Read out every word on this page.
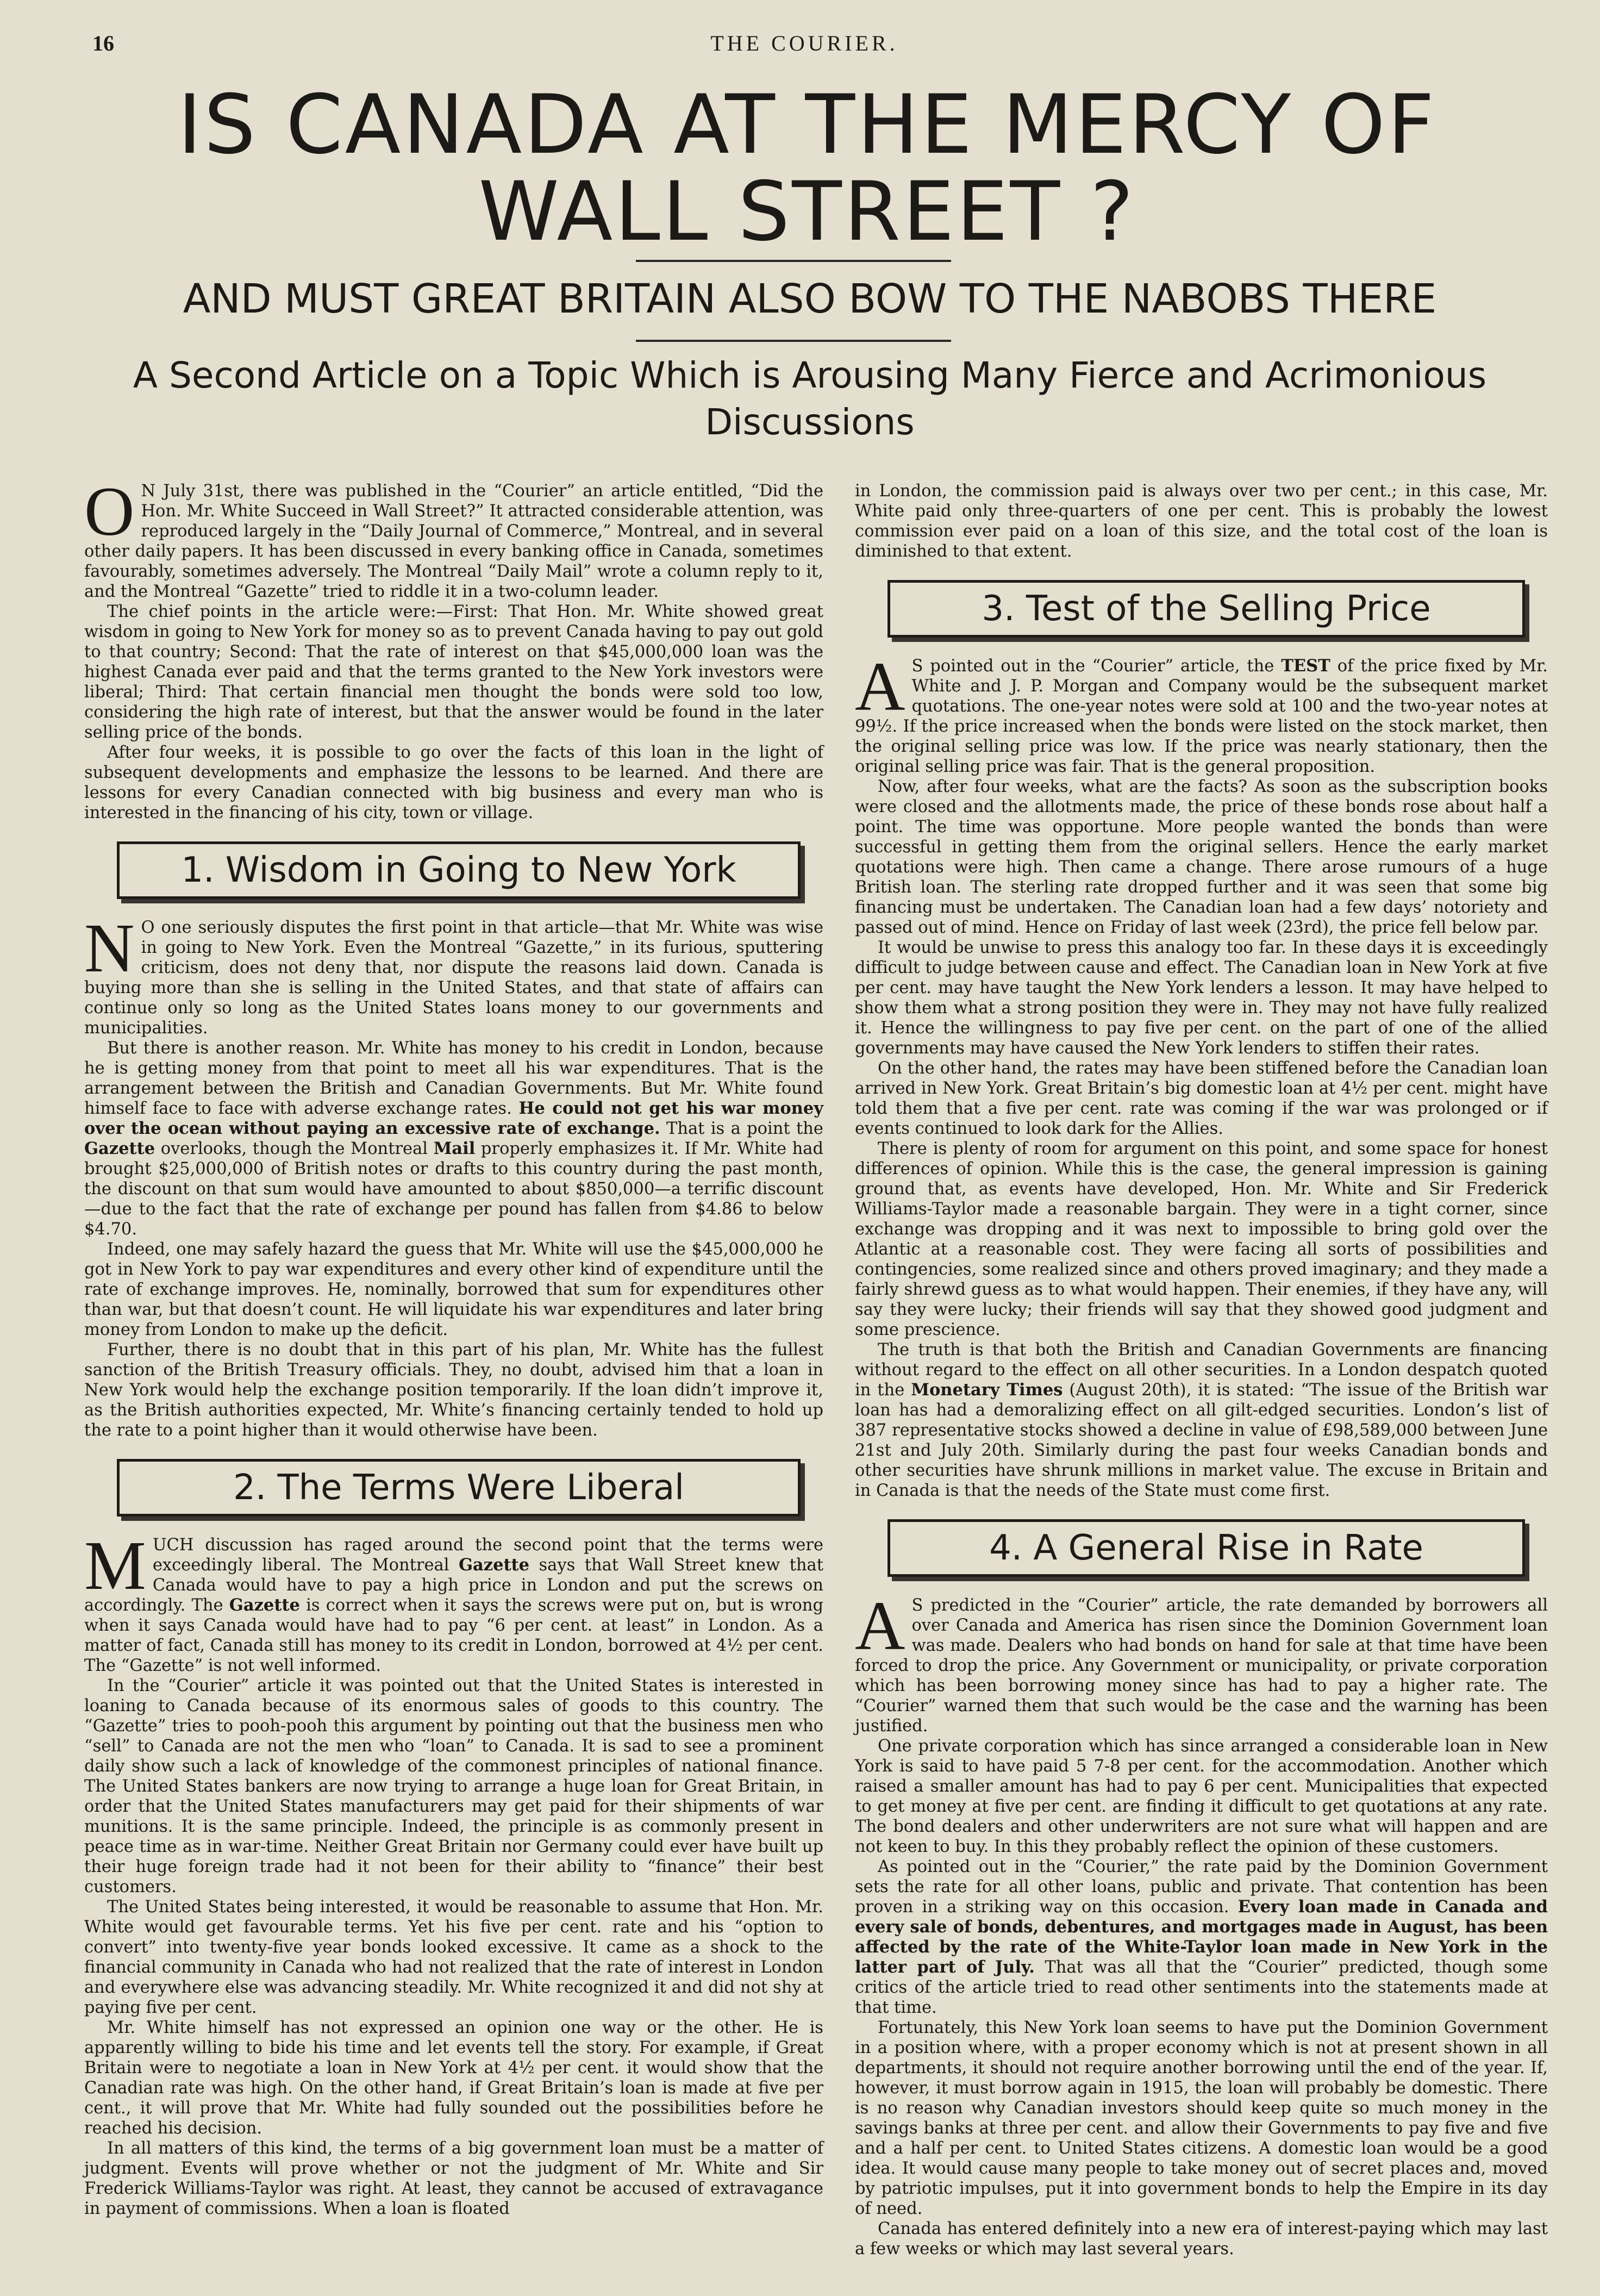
16	THE COURIER.
IS CANADA AT THE MERCY OF
WALL STREET ?
AND MUST GREAT BRITAIN ALSO BOW TO THE NABOBS THERE
A Second Article on a Topic Which is Arousing Many Fierce and Acrimonious Discussions

O N July 31st, there was published in the “Courier” an article entitled, “Did the Hon. Mr. White Succeed in Wall Street?” It attracted considerable attention, was reproduced largely in the “Daily Journal of Commerce,” Montreal, and in several other daily papers. It has been discussed in every banking office in Canada, sometimes favourably, sometimes adversely. The Montreal “Daily Mail” wrote a column reply to it, and the Montreal “Gazette” tried to riddle it in a two-column leader.

The chief points in the article were:—First: That Hon. Mr. White showed great wisdom in going to New York for money so as to prevent Canada having to pay out gold to that country; Second: That the rate of interest on that $45,000,000 loan was the highest Canada ever paid and that the terms granted to the New York investors were liberal; Third: That certain financial men thought the bonds were sold too low, considering the high rate of interest, but that the answer would be found in the later selling price of the bonds.

After four weeks, it is possible to go over the facts of this loan in the light of subsequent developments and emphasize the lessons to be learned. And there are lessons for every Canadian connected with big business and every man who is interested in the financing of his city, town or village.

1. Wisdom in Going to New York

N O one seriously disputes the first point in that article—that Mr. White was wise in going to New York. Even the Montreal “Gazette,” in its furious, sputtering criticism, does not deny that, nor dispute the reasons laid down. Canada is buying more than she is selling in the United States, and that state of affairs can continue only so long as the United States loans money to our governments and municipalities.

But there is another reason. Mr. White has money to his credit in London, because he is getting money from that point to meet all his war expenditures. That is the arrangement between the British and Canadian Governments. But Mr. White found himself face to face with adverse exchange rates. He could not get his war money over the ocean without paying an excessive rate of exchange. That is a point the Gazette overlooks, though the Montreal Mail properly emphasizes it. If Mr. White had brought $25,000,000 of British notes or drafts to this country during the past month, the discount on that sum would have amounted to about $850,000—a terrific discount—due to the fact that the rate of exchange per pound has fallen from $4.86 to below $4.70.

Indeed, one may safely hazard the guess that Mr. White will use the $45,000,000 he got in New York to pay war expenditures and every other kind of expenditure until the rate of exchange improves. He, nominally, borrowed that sum for expenditures other than war, but that doesn’t count. He will liquidate his war expenditures and later bring money from London to make up the deficit.

Further, there is no doubt that in this part of his plan, Mr. White has the fullest sanction of the British Treasury officials. They, no doubt, advised him that a loan in New York would help the exchange position temporarily. If the loan didn’t improve it, as the British authorities expected, Mr. White’s financing certainly tended to hold up the rate to a point higher than it would otherwise have been.

2. The Terms Were Liberal

MUCH discussion has raged around the second point that the terms were exceedingly liberal. The Montreal Gazette says that Wall Street knew that Canada would have to pay a high price in London and put the screws on accordingly. The Gazette is correct when it says the screws were put on, but is wrong when it says Canada would have had to pay “6 per cent. at least” in London. As a matter of fact, Canada still has money to its credit in London, borrowed at 4½ per cent. The “Gazette” is not well informed.

In the “Courier” article it was pointed out that the United States is interested in loaning to Canada because of its enormous sales of goods to this country. The “Gazette” tries to pooh-pooh this argument by pointing out that the business men who “sell” to Canada are not the men who “loan” to Canada. It is sad to see a prominent daily show such a lack of knowledge of the commonest principles of national finance. The United States bankers are now trying to arrange a huge loan for Great Britain, in order that the United States manufacturers may get paid for their shipments of war munitions. It is the same principle. Indeed, the principle is as commonly present in peace time as in war-time. Neither Great Britain nor Germany could ever have built up their huge foreign trade had it not been for their ability to “finance” their best customers.

The United States being interested, it would be reasonable to assume that Hon. Mr. White would get favourable terms. Yet his five per cent. rate and his “option to convert” into twenty-five year bonds looked excessive. It came as a shock to the financial community in Canada who had not realized that the rate of interest in London and everywhere else was advancing steadily. Mr. White recognized it and did not shy at paying five per cent.

Mr. White himself has not expressed an opinion one way or the other. He is apparently willing to bide his time and let events tell the story. For example, if Great Britain were to negotiate a loan in New York at 4½ per cent. it would show that the Canadian rate was high. On the other hand, if Great Britain’s loan is made at five per cent., it will prove that Mr. White had fully sounded out the possibilities before he reached his decision.

In all matters of this kind, the terms of a big government loan must be a matter of judgment. Events will prove whether or not the judgment of Mr. White and Sir Frederick Williams-Taylor was right. At least, they cannot be accused of extravagance in payment of commissions. When a loan is floated

in London, the commission paid is always over two per cent.; in this case, Mr. White paid only three-quarters of one per cent. This is probably the lowest commission ever paid on a loan of this size, and the total cost of the loan is diminished to that extent.

3. Test of the Selling Price

A S pointed out in the “Courier” article, the TEST of the price fixed by Mr. White and J. P. Morgan and Company would be the subsequent market quotations. The one-year notes were sold at 100 and the two-year notes at 99½. If the price increased when the bonds were listed on the stock market, then the original selling price was low. If the price was nearly stationary, then the original selling price was fair. That is the general proposition.

Now, after four weeks, what are the facts? As soon as the subscription books were closed and the allotments made, the price of these bonds rose about half a point. The time was opportune. More people wanted the bonds than were successful in getting them from the original sellers. Hence the early market quotations were high. Then came a change. There arose rumours of a huge British loan. The sterling rate dropped further and it was seen that some big financing must be undertaken. The Canadian loan had a few days’ notoriety and passed out of mind. Hence on Friday of last week (23rd), the price fell below par.

It would be unwise to press this analogy too far. In these days it is exceedingly difficult to judge between cause and effect. The Canadian loan in New York at five per cent. may have taught the New York lenders a lesson. It may have helped to show them what a strong position they were in. They may not have fully realized it. Hence the willingness to pay five per cent. on the part of one of the allied governments may have caused the New York lenders to stiffen their rates.

On the other hand, the rates may have been stiffened before the Canadian loan arrived in New York. Great Britain’s big domestic loan at 4½ per cent. might have told them that a five per cent. rate was coming if the war was prolonged or if events continued to look dark for the Allies.

There is plenty of room for argument on this point, and some space for honest differences of opinion. While this is the case, the general impression is gaining ground that, as events have developed, Hon. Mr. White and Sir Frederick Williams-Taylor made a reasonable bargain. They were in a tight corner, since exchange was dropping and it was next to impossible to bring gold over the Atlantic at a reasonable cost. They were facing all sorts of possibilities and contingencies, some realized since and others proved imaginary; and they made a fairly shrewd guess as to what would happen. Their enemies, if they have any, will say they were lucky; their friends will say that they showed good judgment and some prescience.

The truth is that both the British and Canadian Governments are financing without regard to the effect on all other securities. In a London despatch quoted in the Monetary Times (August 20th), it is stated: “The issue of the British war loan has had a demoralizing effect on all gilt-edged securities. London’s list of 387 representative stocks showed a decline in value of £98,589,000 between June 21st and July 20th. Similarly during the past four weeks Canadian bonds and other securities have shrunk millions in market value. The excuse in Britain and in Canada is that the needs of the State must come first.

4. A General Rise in Rate

A S predicted in the “Courier” article, the rate demanded by borrowers all over Canada and America has risen since the Dominion Government loan was made. Dealers who had bonds on hand for sale at that time have been forced to drop the price. Any Government or municipality, or private corporation which has been borrowing money since has had to pay a higher rate. The “Courier” warned them that such would be the case and the warning has been justified.

One private corporation which has since arranged a considerable loan in New York is said to have paid 5 7-8 per cent. for the accommodation. Another which raised a smaller amount has had to pay 6 per cent. Municipalities that expected to get money at five per cent. are finding it difficult to get quotations at any rate. The bond dealers and other underwriters are not sure what will happen and are not keen to buy. In this they probably reflect the opinion of these customers.

As pointed out in the “Courier,” the rate paid by the Dominion Government sets the rate for all other loans, public and private. That contention has been proven in a striking way on this occasion. Every loan made in Canada and every sale of bonds, debentures, and mortgages made in August, has been affected by the rate of the White-Taylor loan made in New York in the latter part of July. That was all that the “Courier” predicted, though some critics of the article tried to read other sentiments into the statements made at that time.

Fortunately, this New York loan seems to have put the Dominion Government in a position where, with a proper economy which is not at present shown in all departments, it should not require another borrowing until the end of the year. If, however, it must borrow again in 1915, the loan will probably be domestic. There is no reason why Canadian investors should keep quite so much money in the savings banks at three per cent. and allow their Governments to pay five and five and a half per cent. to United States citizens. A domestic loan would be a good idea. It would cause many people to take money out of secret places and, moved by patriotic impulses, put it into government bonds to help the Empire in its day of need.

Canada has entered definitely into a new era of interest-paying which may last a few weeks or which may last several years.
